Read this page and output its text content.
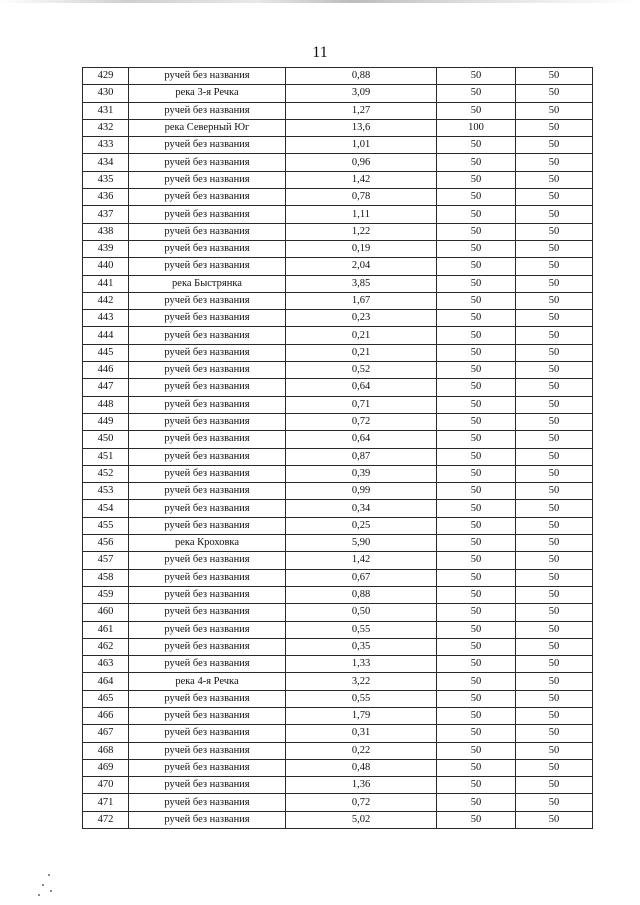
11
429	ручей без названия	0,88	50	50
430	река 3-я Речка	3,09	50	50
431	ручей без названия	1,27	50	50
432	река Северный Юг	13,6	100	50
433	ручей без названия	1,01	50	50
434	ручей без названия	0,96	50	50
435	ручей без названия	1,42	50	50
436	ручей без названия	0,78	50	50
437	ручей без названия	1,11	50	50
438	ручей без названия	1,22	50	50
439	ручей без названия	0,19	50	50
440	ручей без названия	2,04	50	50
441	река Быстрянка	3,85	50	50
442	ручей без названия	1,67	50	50
443	ручей без названия	0,23	50	50
444	ручей без названия	0,21	50	50
445	ручей без названия	0,21	50	50
446	ручей без названия	0,52	50	50
447	ручей без названия	0,64	50	50
448	ручей без названия	0,71	50	50
449	ручей без названия	0,72	50	50
450	ручей без названия	0,64	50	50
451	ручей без названия	0,87	50	50
452	ручей без названия	0,39	50	50
453	ручей без названия	0,99	50	50
454	ручей без названия	0,34	50	50
455	ручей без названия	0,25	50	50
456	река Кроховка	5,90	50	50
457	ручей без названия	1,42	50	50
458	ручей без названия	0,67	50	50
459	ручей без названия	0,88	50	50
460	ручей без названия	0,50	50	50
461	ручей без названия	0,55	50	50
462	ручей без названия	0,35	50	50
463	ручей без названия	1,33	50	50
464	река 4-я Речка	3,22	50	50
465	ручей без названия	0,55	50	50
466	ручей без названия	1,79	50	50
467	ручей без названия	0,31	50	50
468	ручей без названия	0,22	50	50
469	ручей без названия	0,48	50	50
470	ручей без названия	1,36	50	50
471	ручей без названия	0,72	50	50
472	ручей без названия	5,02	50	50
